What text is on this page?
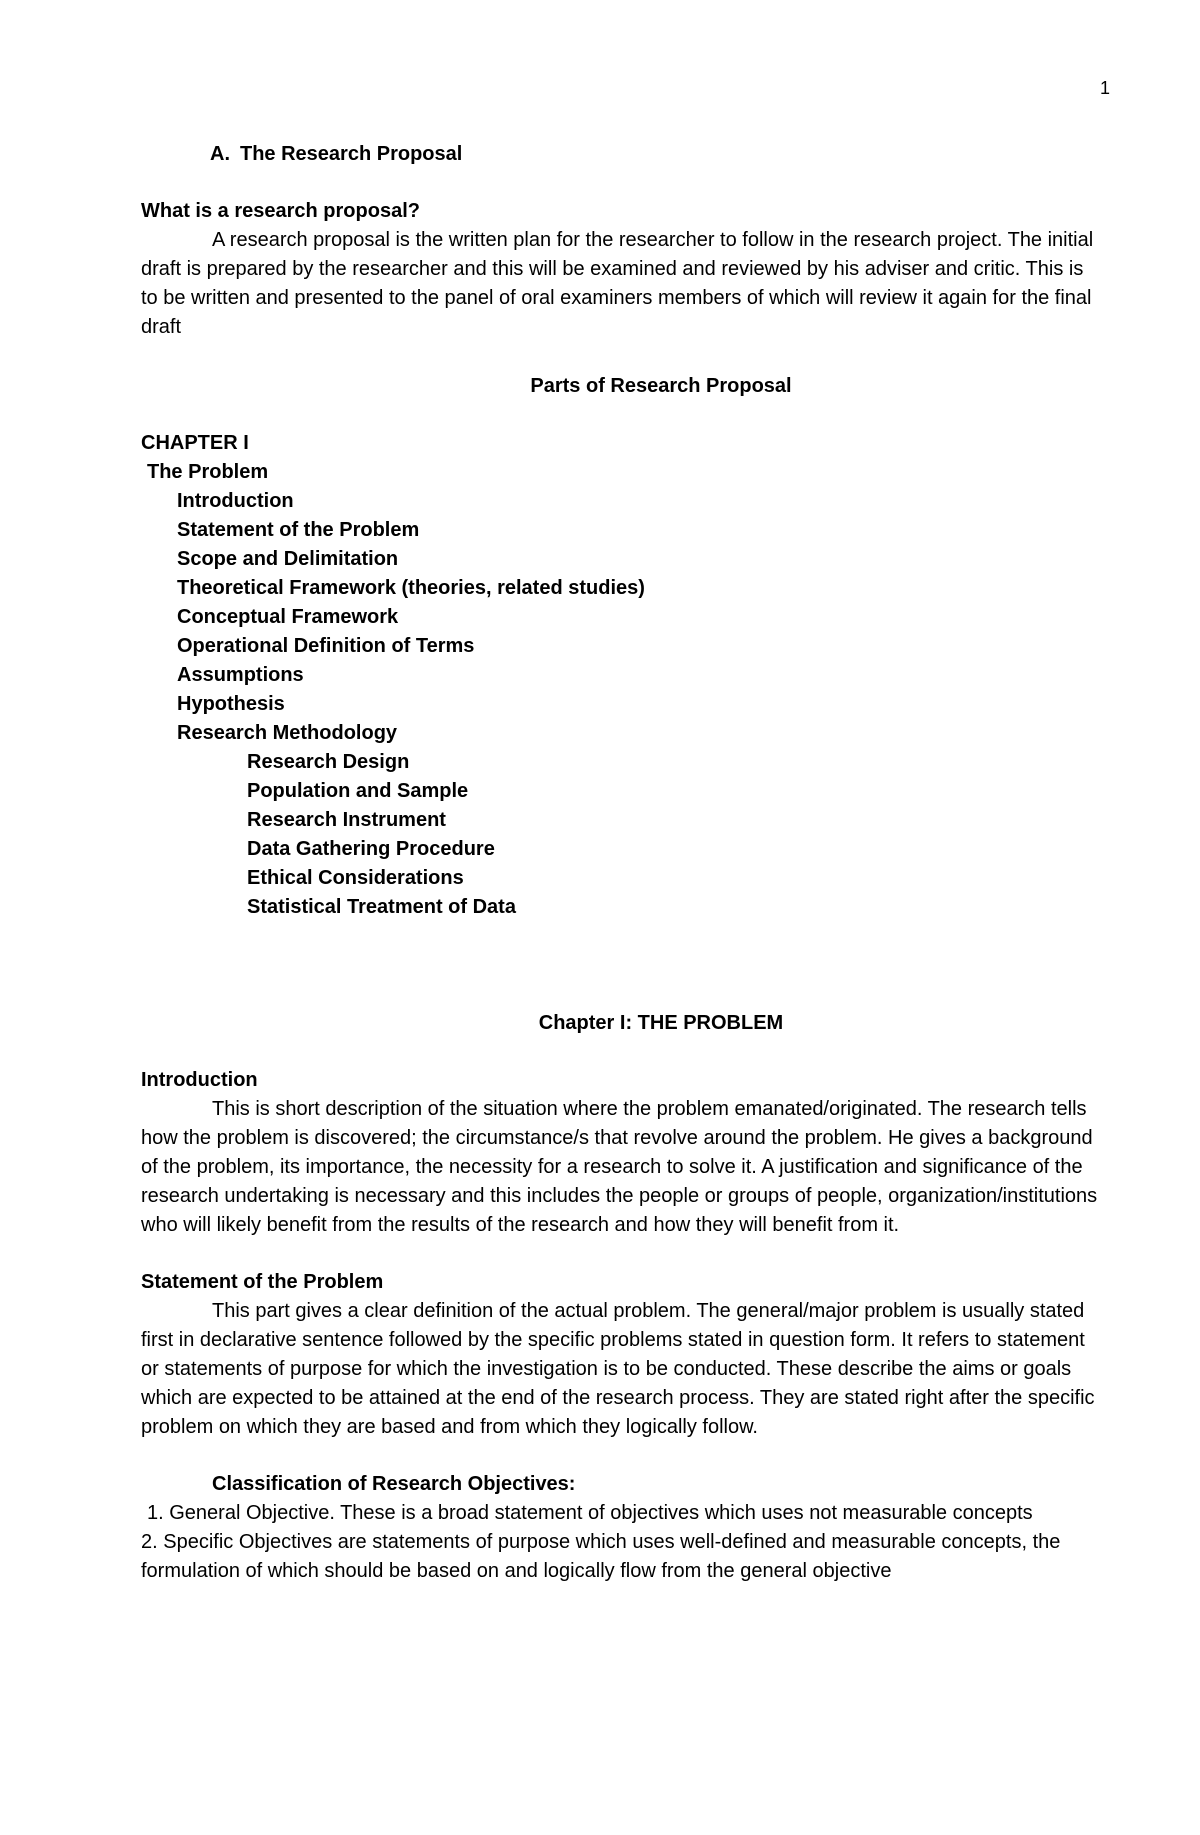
1

A. The Research Proposal

What is a research proposal?

A research proposal is the written plan for the researcher to follow in the research project. The initial draft is prepared by the researcher and this will be examined and reviewed by his adviser and critic. This is to be written and presented to the panel of oral examiners members of which will review it again for the final draft

Parts of Research Proposal

CHAPTER I

The Problem

Introduction

Statement of the Problem

Scope and Delimitation

Theoretical Framework (theories, related studies)

Conceptual Framework

Operational Definition of Terms

Assumptions

Hypothesis

Research Methodology

Research Design

Population and Sample

Research Instrument

Data Gathering Procedure

Ethical Considerations

Statistical Treatment of Data

Chapter I: THE PROBLEM

Introduction

This is short description of the situation where the problem emanated/originated. The research tells how the problem is discovered; the circumstance/s that revolve around the problem. He gives a background of the problem, its importance, the necessity for a research to solve it. A justification and significance of the research undertaking is necessary and this includes the people or groups of people, organization/institutions who will likely benefit from the results of the research and how they will benefit from it.

Statement of the Problem

This part gives a clear definition of the actual problem. The general/major problem is usually stated first in declarative sentence followed by the specific problems stated in question form. It refers to statement or statements of purpose for which the investigation is to be conducted. These describe the aims or goals which are expected to be attained at the end of the research process. They are stated right after the specific problem on which they are based and from which they logically follow.

Classification of Research Objectives:

1. General Objective. These is a broad statement of objectives which uses not measurable concepts

2. Specific Objectives are statements of purpose which uses well-defined and measurable concepts, the formulation of which should be based on and logically flow from the general objective
